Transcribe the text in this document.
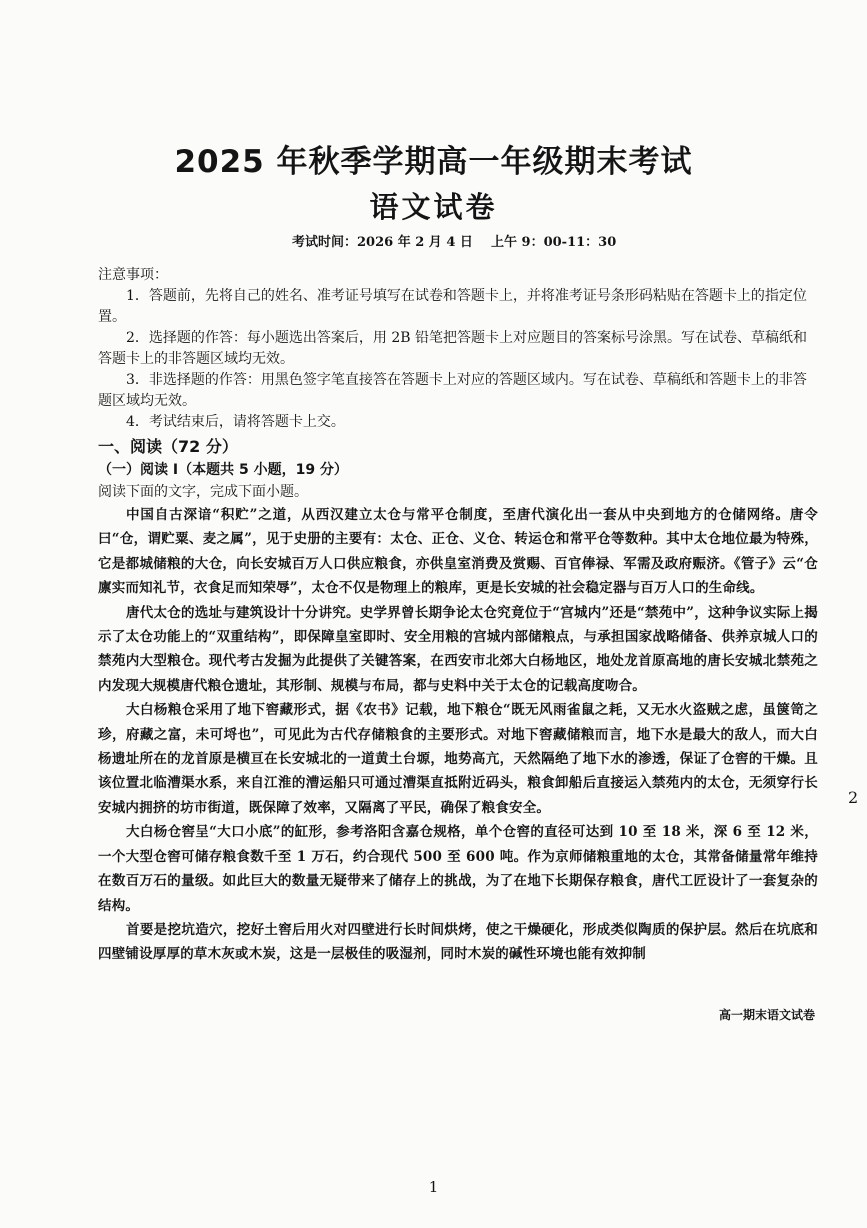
2025 年秋季学期高一年级期末考试
语文试卷
考试时间：2026 年 2 月 4 日    上午 9：00-11：30

注意事项：

1．答题前，先将自己的姓名、准考证号填写在试卷和答题卡上，并将准考证号条形码粘贴在答题卡上的指定位置。

2．选择题的作答：每小题选出答案后，用 2B 铅笔把答题卡上对应题目的答案标号涂黑。写在试卷、草稿纸和答题卡上的非答题区域均无效。

3．非选择题的作答：用黑色签字笔直接答在答题卡上对应的答题区域内。写在试卷、草稿纸和答题卡上的非答题区域均无效。

4．考试结束后，请将答题卡上交。

一、阅读（72 分）
（一）阅读 I（本题共 5 小题，19 分）
阅读下面的文字，完成下面小题。

中国自古深谙“积贮”之道，从西汉建立太仓与常平仓制度，至唐代演化出一套从中央到地方的仓储网络。唐令曰“仓，谓贮粟、麦之属”，见于史册的主要有：太仓、正仓、义仓、转运仓和常平仓等数种。其中太仓地位最为特殊，它是都城储粮的大仓，向长安城百万人口供应粮食，亦供皇室消费及赏赐、百官俸禄、军需及政府赈济。《管子》云“仓廪实而知礼节，衣食足而知荣辱”，太仓不仅是物理上的粮库，更是长安城的社会稳定器与百万人口的生命线。

唐代太仓的选址与建筑设计十分讲究。史学界曾长期争论太仓究竟位于“宫城内”还是“禁苑中”，这种争议实际上揭示了太仓功能上的“双重结构”，即保障皇室即时、安全用粮的宫城内部储粮点，与承担国家战略储备、供养京城人口的禁苑内大型粮仓。现代考古发掘为此提供了关键答案，在西安市北郊大白杨地区，地处龙首原高地的唐长安城北禁苑之内发现大规模唐代粮仓遗址，其形制、规模与布局，都与史料中关于太仓的记载高度吻合。

大白杨粮仓采用了地下窖藏形式，据《农书》记载，地下粮仓“既无风雨雀鼠之耗，又无水火盗贼之虑，虽箧笥之珍，府藏之富，未可埒也”，可见此为古代存储粮食的主要形式。对地下窖藏储粮而言，地下水是最大的敌人，而大白杨遗址所在的龙首原是横亘在长安城北的一道黄土台塬，地势高亢，天然隔绝了地下水的渗透，保证了仓窖的干燥。且该位置北临漕渠水系，来自江淮的漕运船只可通过漕渠直抵附近码头，粮食卸船后直接运入禁苑内的太仓，无须穿行长安城内拥挤的坊市街道，既保障了效率，又隔离了平民，确保了粮食安全。

大白杨仓窖呈“大口小底”的缸形，参考洛阳含嘉仓规格，单个仓窖的直径可达到 10 至 18 米，深 6 至 12 米，一个大型仓窖可储存粮食数千至 1 万石，约合现代 500 至 600 吨。作为京师储粮重地的太仓，其常备储量常年维持在数百万石的量级。如此巨大的数量无疑带来了储存上的挑战，为了在地下长期保存粮食，唐代工匠设计了一套复杂的结构。

首要是挖坑造穴，挖好土窖后用火对四壁进行长时间烘烤，使之干燥硬化，形成类似陶质的保护层。然后在坑底和四壁铺设厚厚的草木灰或木炭，这是一层极佳的吸湿剂，同时木炭的碱性环境也能有效抑制

高一期末语文试卷
1
2
